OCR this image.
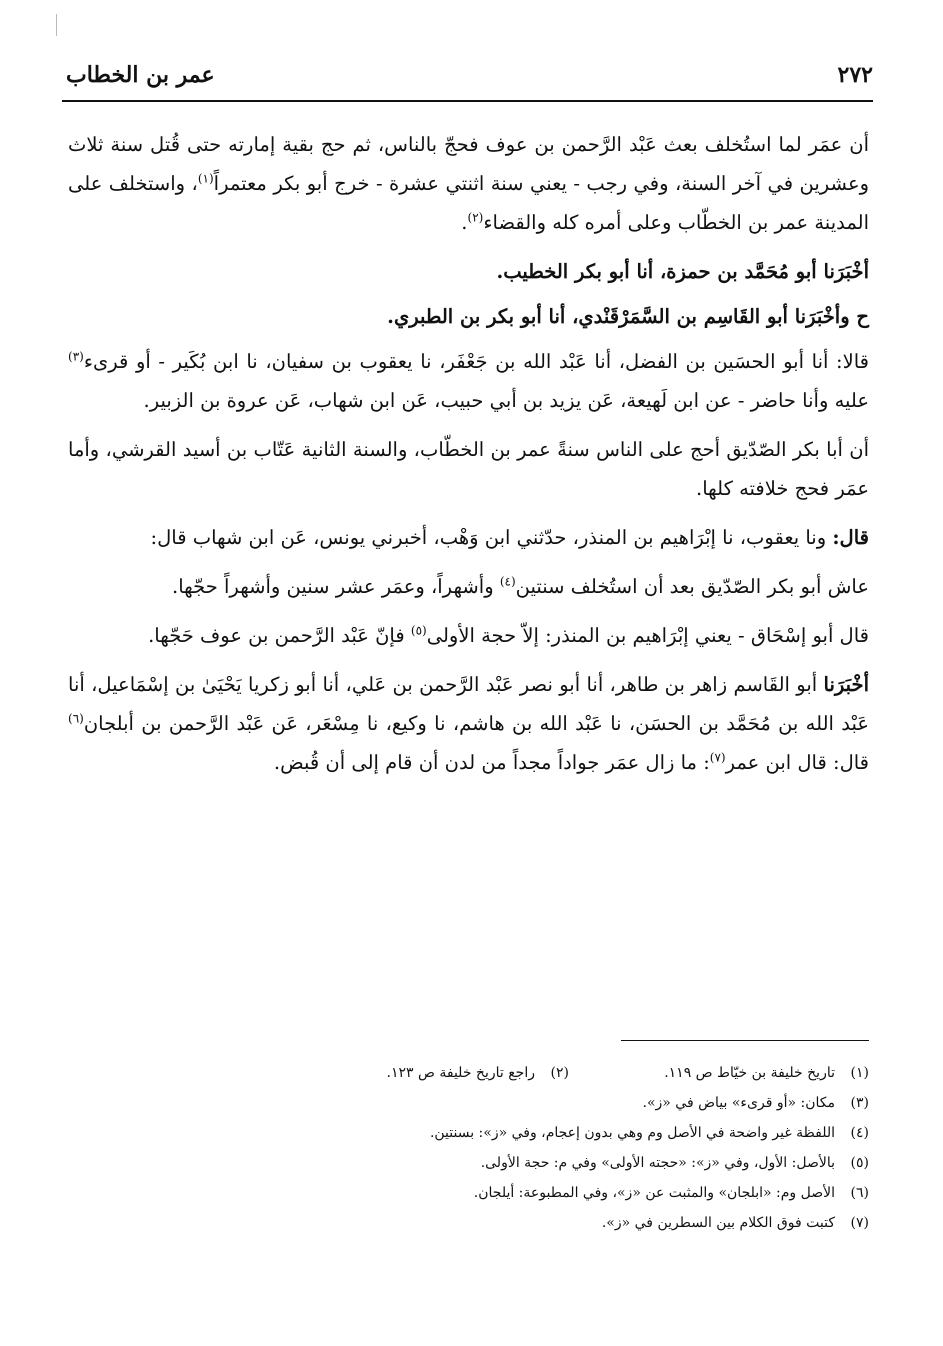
٢٧٢
عمر بن الخطاب

أن عمَر لما استُخلف بعث عَبْد الرَّحمن بن عوف فحجّ بالناس، ثم حج بقية إمارته حتى قُتل سنة ثلاث وعشرين في آخر السنة، وفي رجب - يعني سنة اثنتي عشرة - خرج أبو بكر معتمراً$^{(١)}$، واستخلف على المدينة عمر بن الخطّاب وعلى أمره كله والقضاء$^{(٢)}$.

أخْبَرَنا أبو مُحَمَّد بن حمزة، أنا أبو بكر الخطيب.

ح وأخْبَرَنا أبو القَاسِم بن السَّمَرْقَنْدي، أنا أبو بكر بن الطبري.

قالا: أنا أبو الحسَين بن الفضل، أنا عَبْد الله بن جَعْفَر، نا يعقوب بن سفيان، نا ابن بُكَير - أو قرىء$^{(٣)}$ عليه وأنا حاضر - عن ابن لَهيعة، عَن يزيد بن أبي حبيب، عَن ابن شهاب، عَن عروة بن الزبير.

أن أبا بكر الصّدّيق أحج على الناس سنةً عمر بن الخطّاب، والسنة الثانية عَتّاب بن أسيد القرشي، وأما عمَر فحج خلافته كلها.

قال: ونا يعقوب، نا إبْرَاهيم بن المنذر، حدّثني ابن وَهْب، أخبرني يونس، عَن ابن شهاب قال:

عاش أبو بكر الصّدّيق بعد أن استُخلف سنتين$^{(٤)}$ وأشهراً، وعمَر عشر سنين وأشهراً حجّها.

قال أبو إسْحَاق - يعني إبْرَاهيم بن المنذر: إلاّ حجة الأولى$^{(٥)}$ فإنّ عَبْد الرَّحمن بن عوف حَجّها.

أخْبَرَنا أبو القَاسم زاهر بن طاهر، أنا أبو نصر عَبْد الرَّحمن بن عَلي، أنا أبو زكريا يَحْيَىٰ بن إسْمَاعيل، أنا عَبْد الله بن مُحَمَّد بن الحسَن، نا عَبْد الله بن هاشم، نا وكيع، نا مِسْعَر، عَن عَبْد الرَّحمن بن أبلجان$^{(٦)}$ قال: قال ابن عمر$^{(٧)}$: ما زال عمَر جواداً مجداً من لدن أن قام إلى أن قُبض.

(١)
تاريخ خليفة بن خيّاط ص ١١٩.
(٢)
راجع تاريخ خليفة ص ١٢٣.
(٣)
مكان: «أو قرىء» بياض في «ز».
(٤)
اللفظة غير واضحة في الأصل وم وهي بدون إعجام، وفي «ز»: بسنتين.
(٥)
بالأصل: الأول، وفي «ز»: «حجته الأولى» وفي م: حجة الأولى.
(٦)
الأصل وم: «ابلجان» والمثبت عن «ز»، وفي المطبوعة: أيلجان.
(٧)
كتبت فوق الكلام بين السطرين في «ز».
